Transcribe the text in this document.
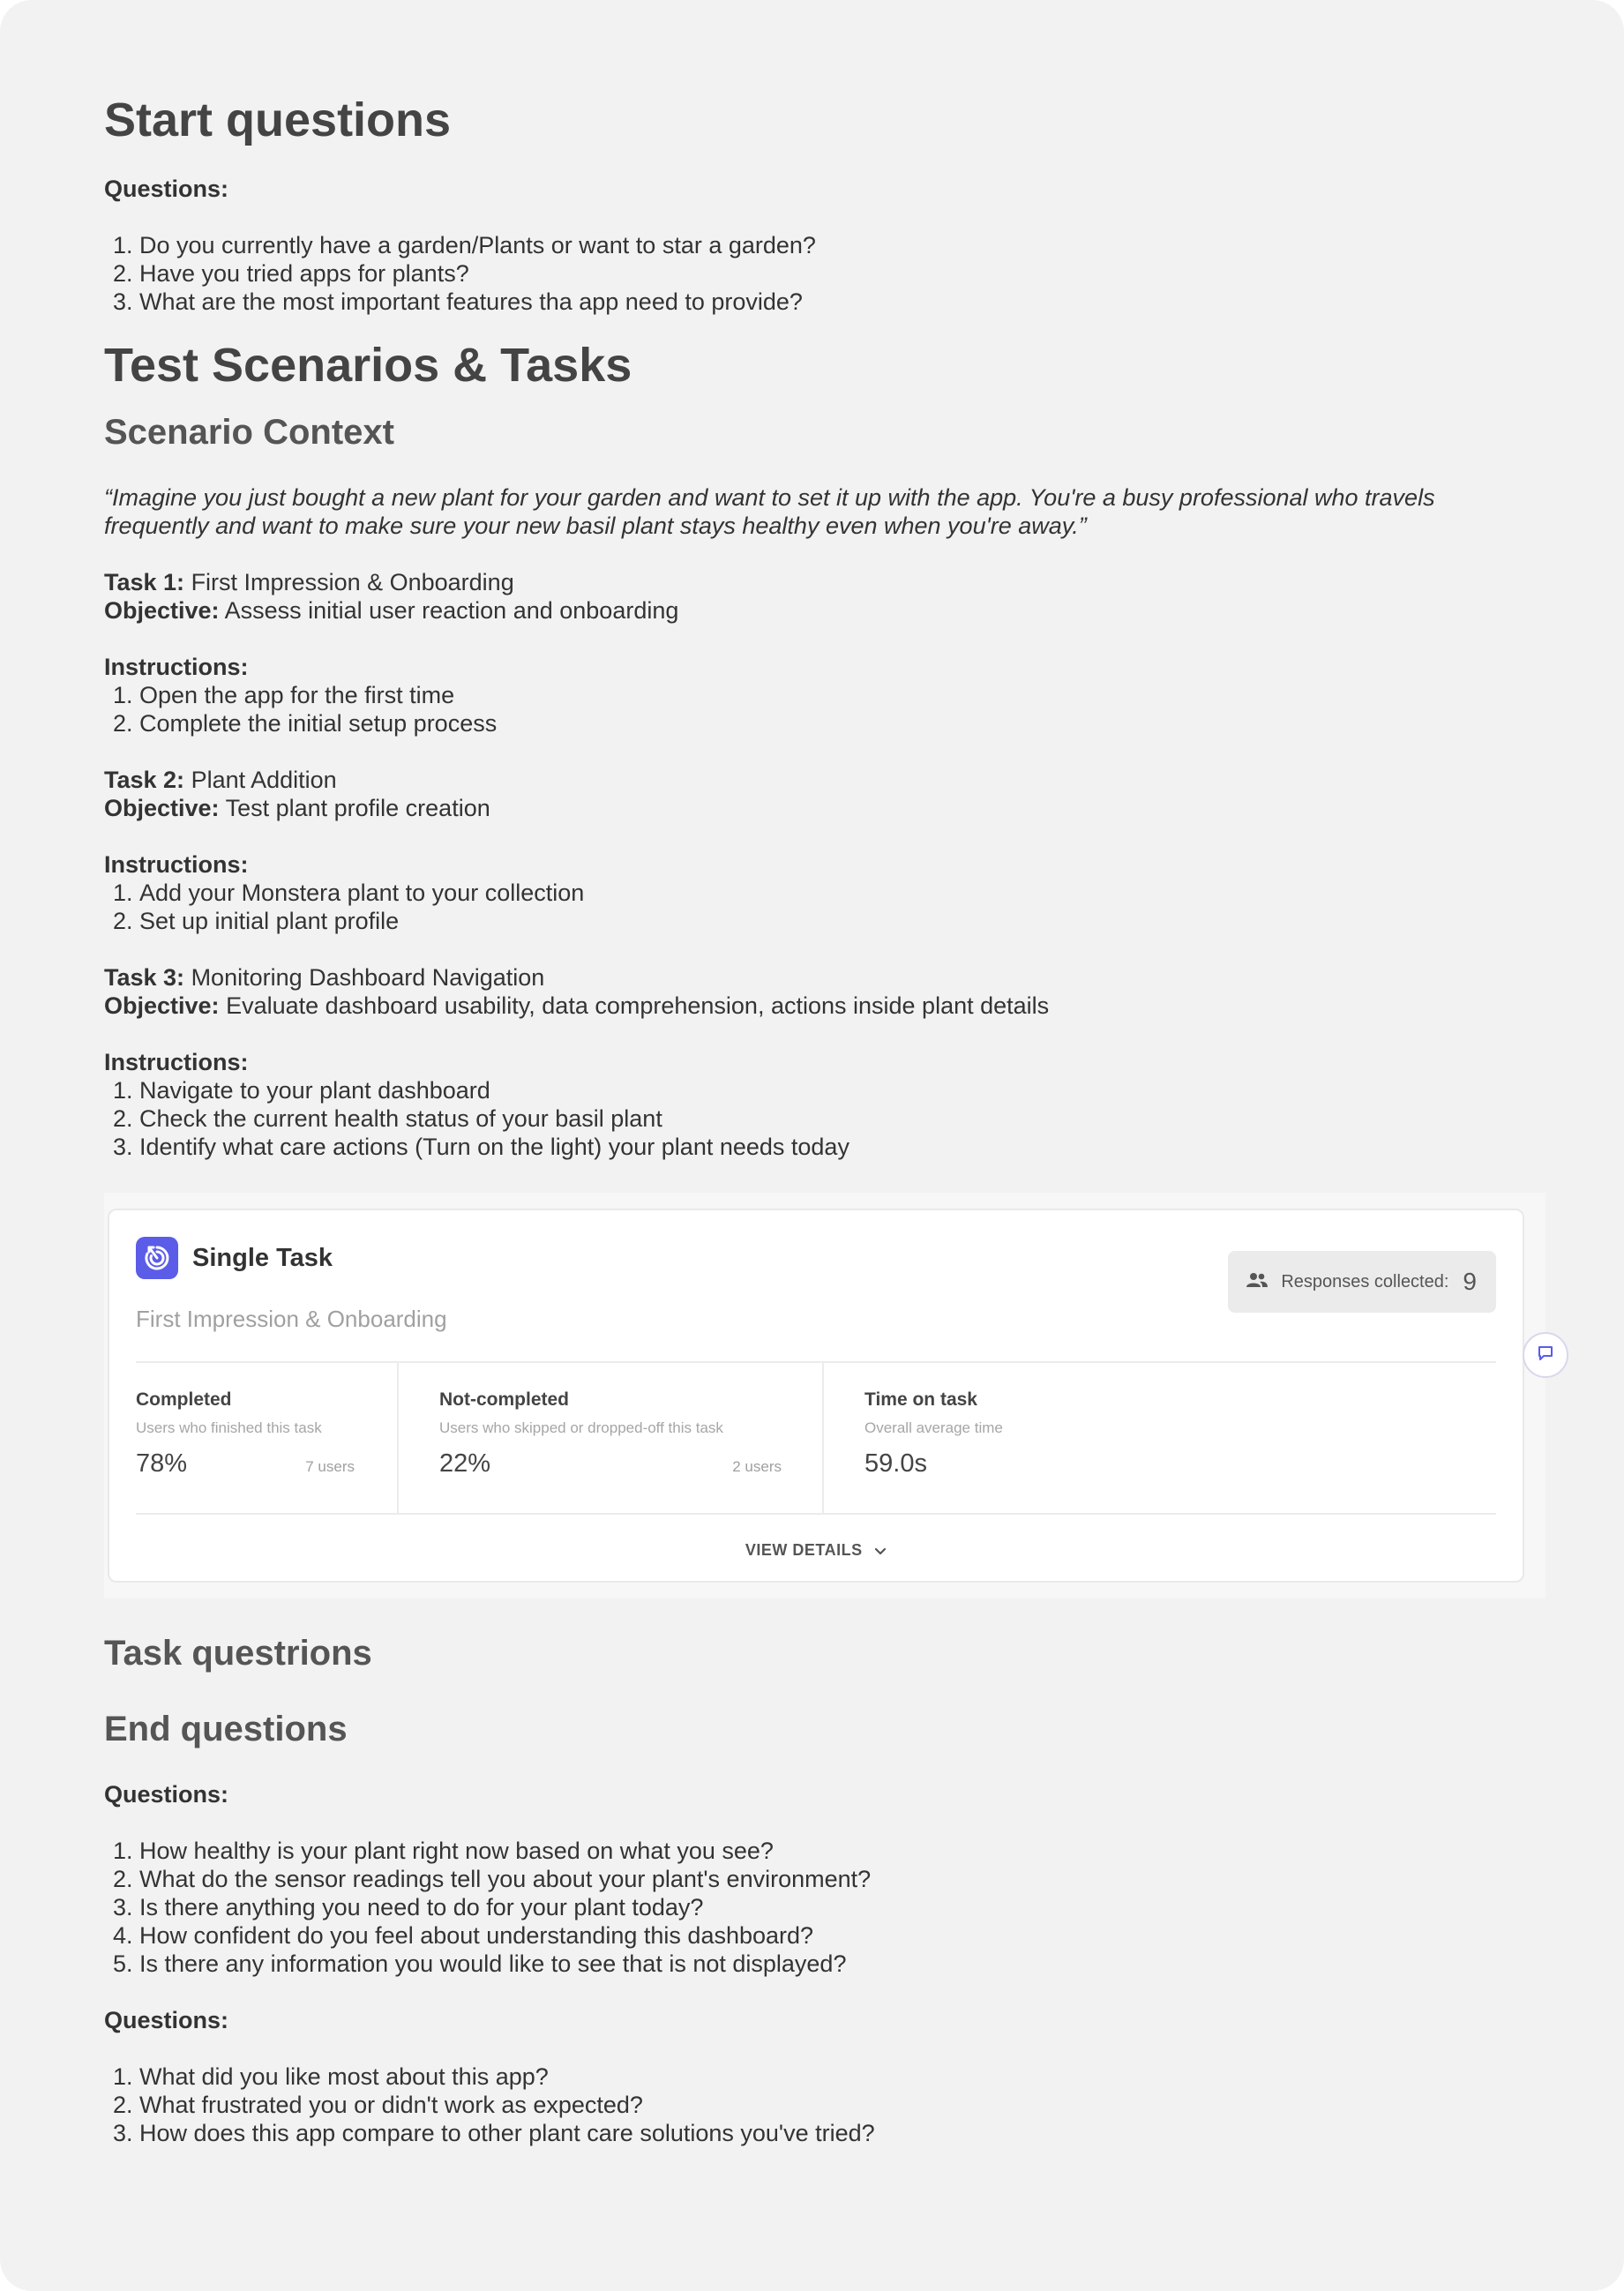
Start questions
Questions:
1. Do you currently have a garden/Plants or want to star a garden?
2. Have you tried apps for plants?
3. What are the most important features tha app need to provide?
Test Scenarios & Tasks
Scenario Context
“Imagine you just bought a new plant for your garden and want to set it up with the app. You're a busy professional who travels frequently and want to make sure your new basil plant stays healthy even when you're away.”
Task 1: First Impression & Onboarding
Objective: Assess initial user reaction and onboarding
Instructions:
1. Open the app for the first time
2. Complete the initial setup process
Task 2: Plant Addition
Objective: Test plant profile creation
Instructions:
1. Add your Monstera plant to your collection
2. Set up initial plant profile
Task 3: Monitoring Dashboard Navigation
Objective: Evaluate dashboard usability, data comprehension, actions inside plant details
Instructions:
1. Navigate to your plant dashboard
2. Check the current health status of your basil plant
3. Identify what care actions (Turn on the light) your plant needs today
Single Task
First Impression & Onboarding
Responses collected: 9
Completed
Users who finished this task
78%	7 users
Not-completed
Users who skipped or dropped-off this task
22%	2 users
Time on task
Overall average time
59.0s
VIEW DETAILS
Task questrions
End questions
Questions:
1. How healthy is your plant right now based on what you see?
2. What do the sensor readings tell you about your plant's environment?
3. Is there anything you need to do for your plant today?
4. How confident do you feel about understanding this dashboard?
5. Is there any information you would like to see that is not displayed?
Questions:
1. What did you like most about this app?
2. What frustrated you or didn't work as expected?
3. How does this app compare to other plant care solutions you've tried?
